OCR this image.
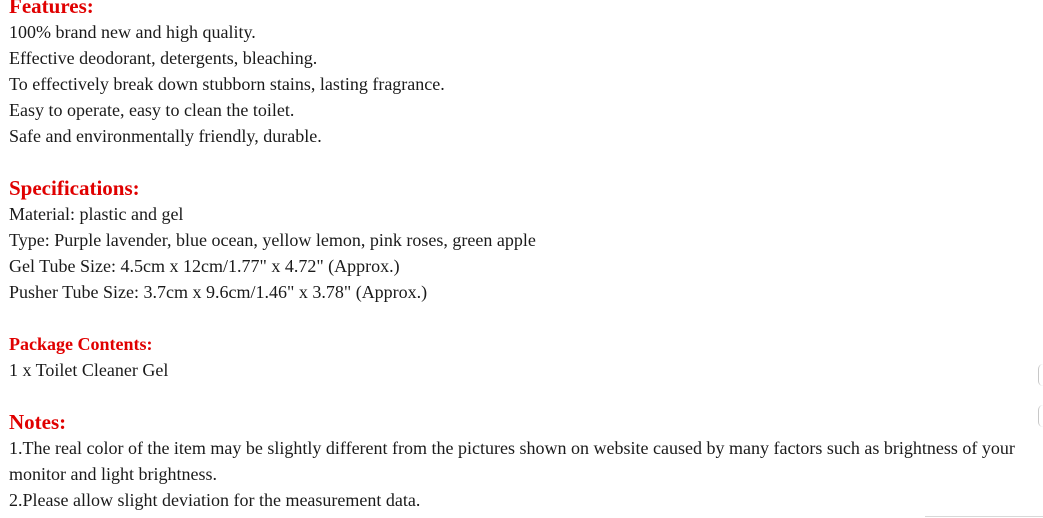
Features:
100% brand new and high quality.
Effective deodorant, detergents, bleaching.
To effectively break down stubborn stains, lasting fragrance.
Easy to operate, easy to clean the toilet.
Safe and environmentally friendly, durable.
Specifications:
Material: plastic and gel
Type: Purple lavender, blue ocean, yellow lemon, pink roses, green apple
Gel Tube Size: 4.5cm x 12cm/1.77" x 4.72" (Approx.)
Pusher Tube Size: 3.7cm x 9.6cm/1.46" x 3.78" (Approx.)
Package Contents:
1 x Toilet Cleaner Gel
Notes:
1.The real color of the item may be slightly different from the pictures shown on website caused by many factors such as brightness of your monitor and light brightness.
2.Please allow slight deviation for the measurement data.
